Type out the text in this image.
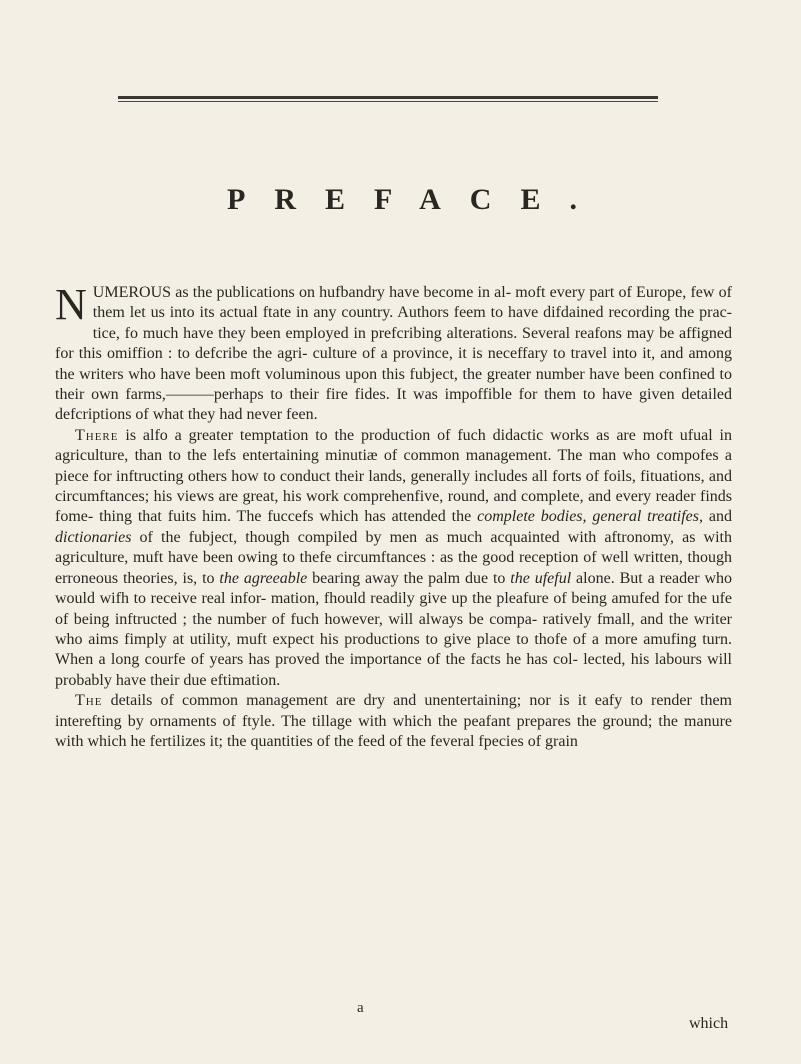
PREFACE.

NUMEROUS as the publications on hufbandry have become in al- moft every part of Europe, few of them let us into its actual ftate in any country. Authors feem to have difdained recording the prac- tice, fo much have they been employed in prefcribing alterations. Several reafons may be affigned for this omiffion : to defcribe the agri- culture of a province, it is neceffary to travel into it, and among the writers who have been moft voluminous upon this fubject, the greater number have been confined to their own farms,———perhaps to their fire fides. It was impoffible for them to have given detailed defcriptions of what they had never feen.

There is alfo a greater temptation to the production of fuch didactic works as are moft ufual in agriculture, than to the lefs entertaining minutiæ of common management. The man who compofes a piece for inftructing others how to conduct their lands, generally includes all forts of foils, fituations, and circumftances; his views are great, his work comprehenfive, round, and complete, and every reader finds fome- thing that fuits him. The fuccefs which has attended the complete bodies, general treatifes, and dictionaries of the fubject, though compiled by men as much acquainted with aftronomy, as with agriculture, muft have been owing to thefe circumftances : as the good reception of well written, though erroneous theories, is, to the agreeable bearing away the palm due to the ufeful alone. But a reader who would wifh to receive real infor- mation, fhould readily give up the pleafure of being amufed for the ufe of being inftructed ; the number of fuch however, will always be compa- ratively fmall, and the writer who aims fimply at utility, muft expect his productions to give place to thofe of a more amufing turn. When a long courfe of years has proved the importance of the facts he has col- lected, his labours will probably have their due eftimation.

The details of common management are dry and unentertaining; nor is it eafy to render them interefting by ornaments of ftyle. The tillage with which the peafant prepares the ground; the manure with which he fertilizes it; the quantities of the feed of the feveral fpecies of grain

a
which
